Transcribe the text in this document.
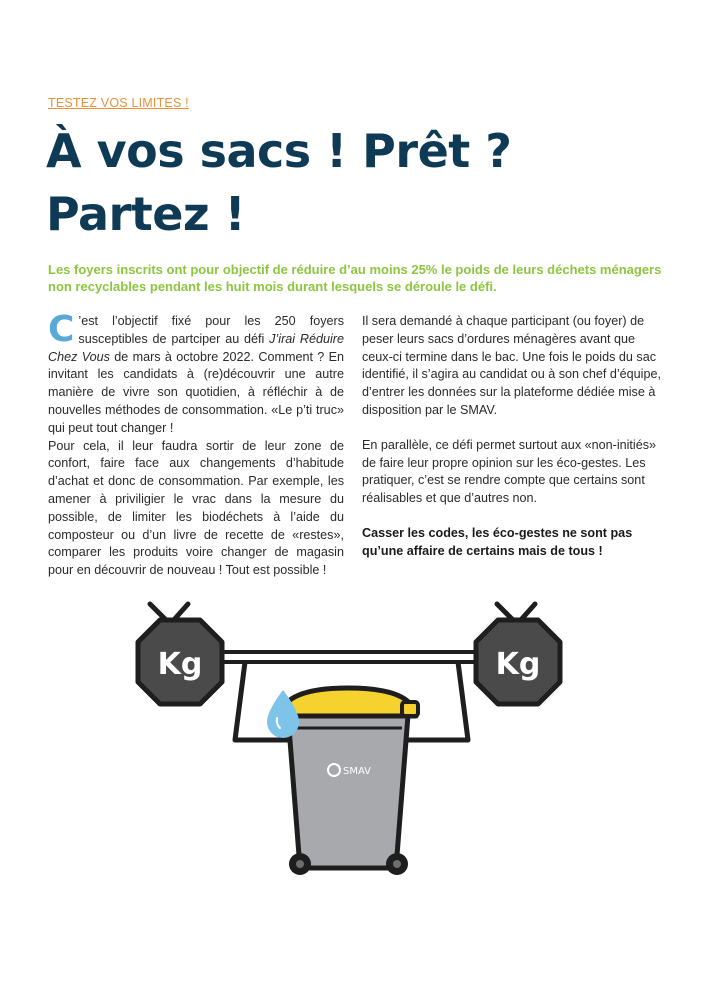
TESTEZ VOS LIMITES !
À vos sacs ! Prêt ?
Partez !
Les foyers inscrits ont pour objectif de réduire d’au moins 25% le poids de leurs déchets ménagers non recyclables pendant les huit mois durant lesquels se déroule le défi.

C ’est l’objectif fixé pour les 250 foyers susceptibles de partciper au défi J’irai Réduire Chez Vous de mars à octobre 2022. Comment ? En invitant les candidats à (re)découvrir une autre manière de vivre son quotidien, à réfléchir à de nouvelles méthodes de consommation. «Le p’ti truc» qui peut tout changer !

Pour cela, il leur faudra sortir de leur zone de confort, faire face aux changements d’habitude d’achat et donc de consommation. Par exemple, les amener à privil﻿igier le vrac dans la mesure du possible, de limiter les biodéchets à l’aide du composteur ou d’un livre de recette de «restes», comparer les produits voire changer de magasin pour en découvrir de nouveau ! Tout est possible !

Il sera demandé à chaque participant (ou foyer) de peser leurs sacs d’ordures ménagères avant que ceux-ci termine dans le bac. Une fois le poids du sac identifié, il s’agira au candidat ou à son chef d’équipe, d’entrer les données sur la plateforme dédiée mise à disposition par le SMAV.

En parallèle, ce défi permet surtout aux «non-initiés» de faire leur propre opinion sur les éco-gestes. Les pratiquer, c’est se rendre compte que certains sont réalisables et que d’autres non.

Casser les codes, les éco-gestes ne sont pas qu’une affaire de certains mais de tous !

Kg	Kg
SMAV
